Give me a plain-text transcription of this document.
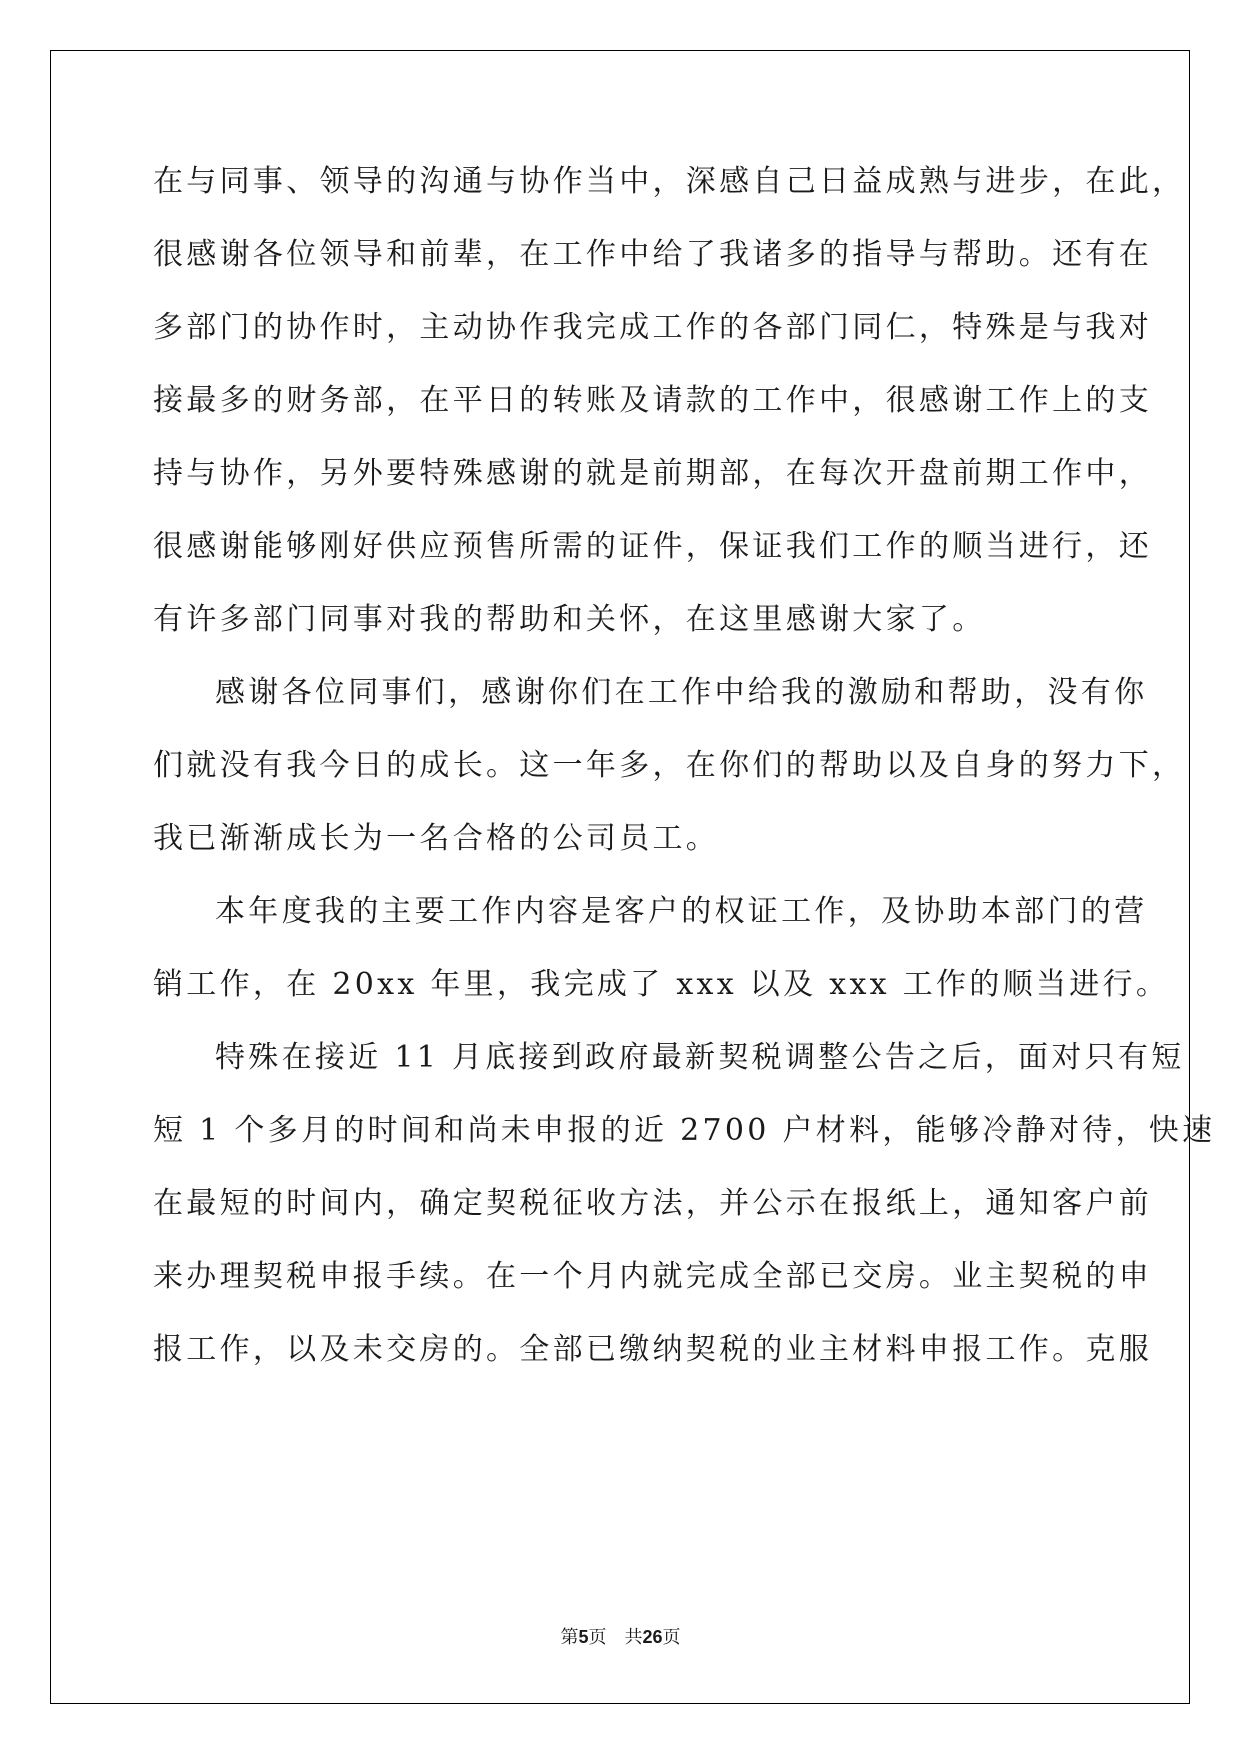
在与同事、领导的沟通与协作当中，深感自己日益成熟与进步，在此，
很感谢各位领导和前辈，在工作中给了我诸多的指导与帮助。还有在
多部门的协作时，主动协作我完成工作的各部门同仁，特殊是与我对
接最多的财务部，在平日的转账及请款的工作中，很感谢工作上的支
持与协作，另外要特殊感谢的就是前期部，在每次开盘前期工作中，
很感谢能够刚好供应预售所需的证件，保证我们工作的顺当进行，还
有许多部门同事对我的帮助和关怀，在这里感谢大家了。
感谢各位同事们，感谢你们在工作中给我的激励和帮助，没有你
们就没有我今日的成长。这一年多，在你们的帮助以及自身的努力下，
我已渐渐成长为一名合格的公司员工。
本年度我的主要工作内容是客户的权证工作，及协助本部门的营
销工作，在 20xx 年里，我完成了 xxx 以及 xxx 工作的顺当进行。
特殊在接近 11 月底接到政府最新契税调整公告之后，面对只有短
短 1 个多月的时间和尚未申报的近 2700 户材料，能够冷静对待，快速
在最短的时间内，确定契税征收方法，并公示在报纸上，通知客户前
来办理契税申报手续。在一个月内就完成全部已交房。业主契税的申
报工作，以及未交房的。全部已缴纳契税的业主材料申报工作。克服
第5页 共26页
